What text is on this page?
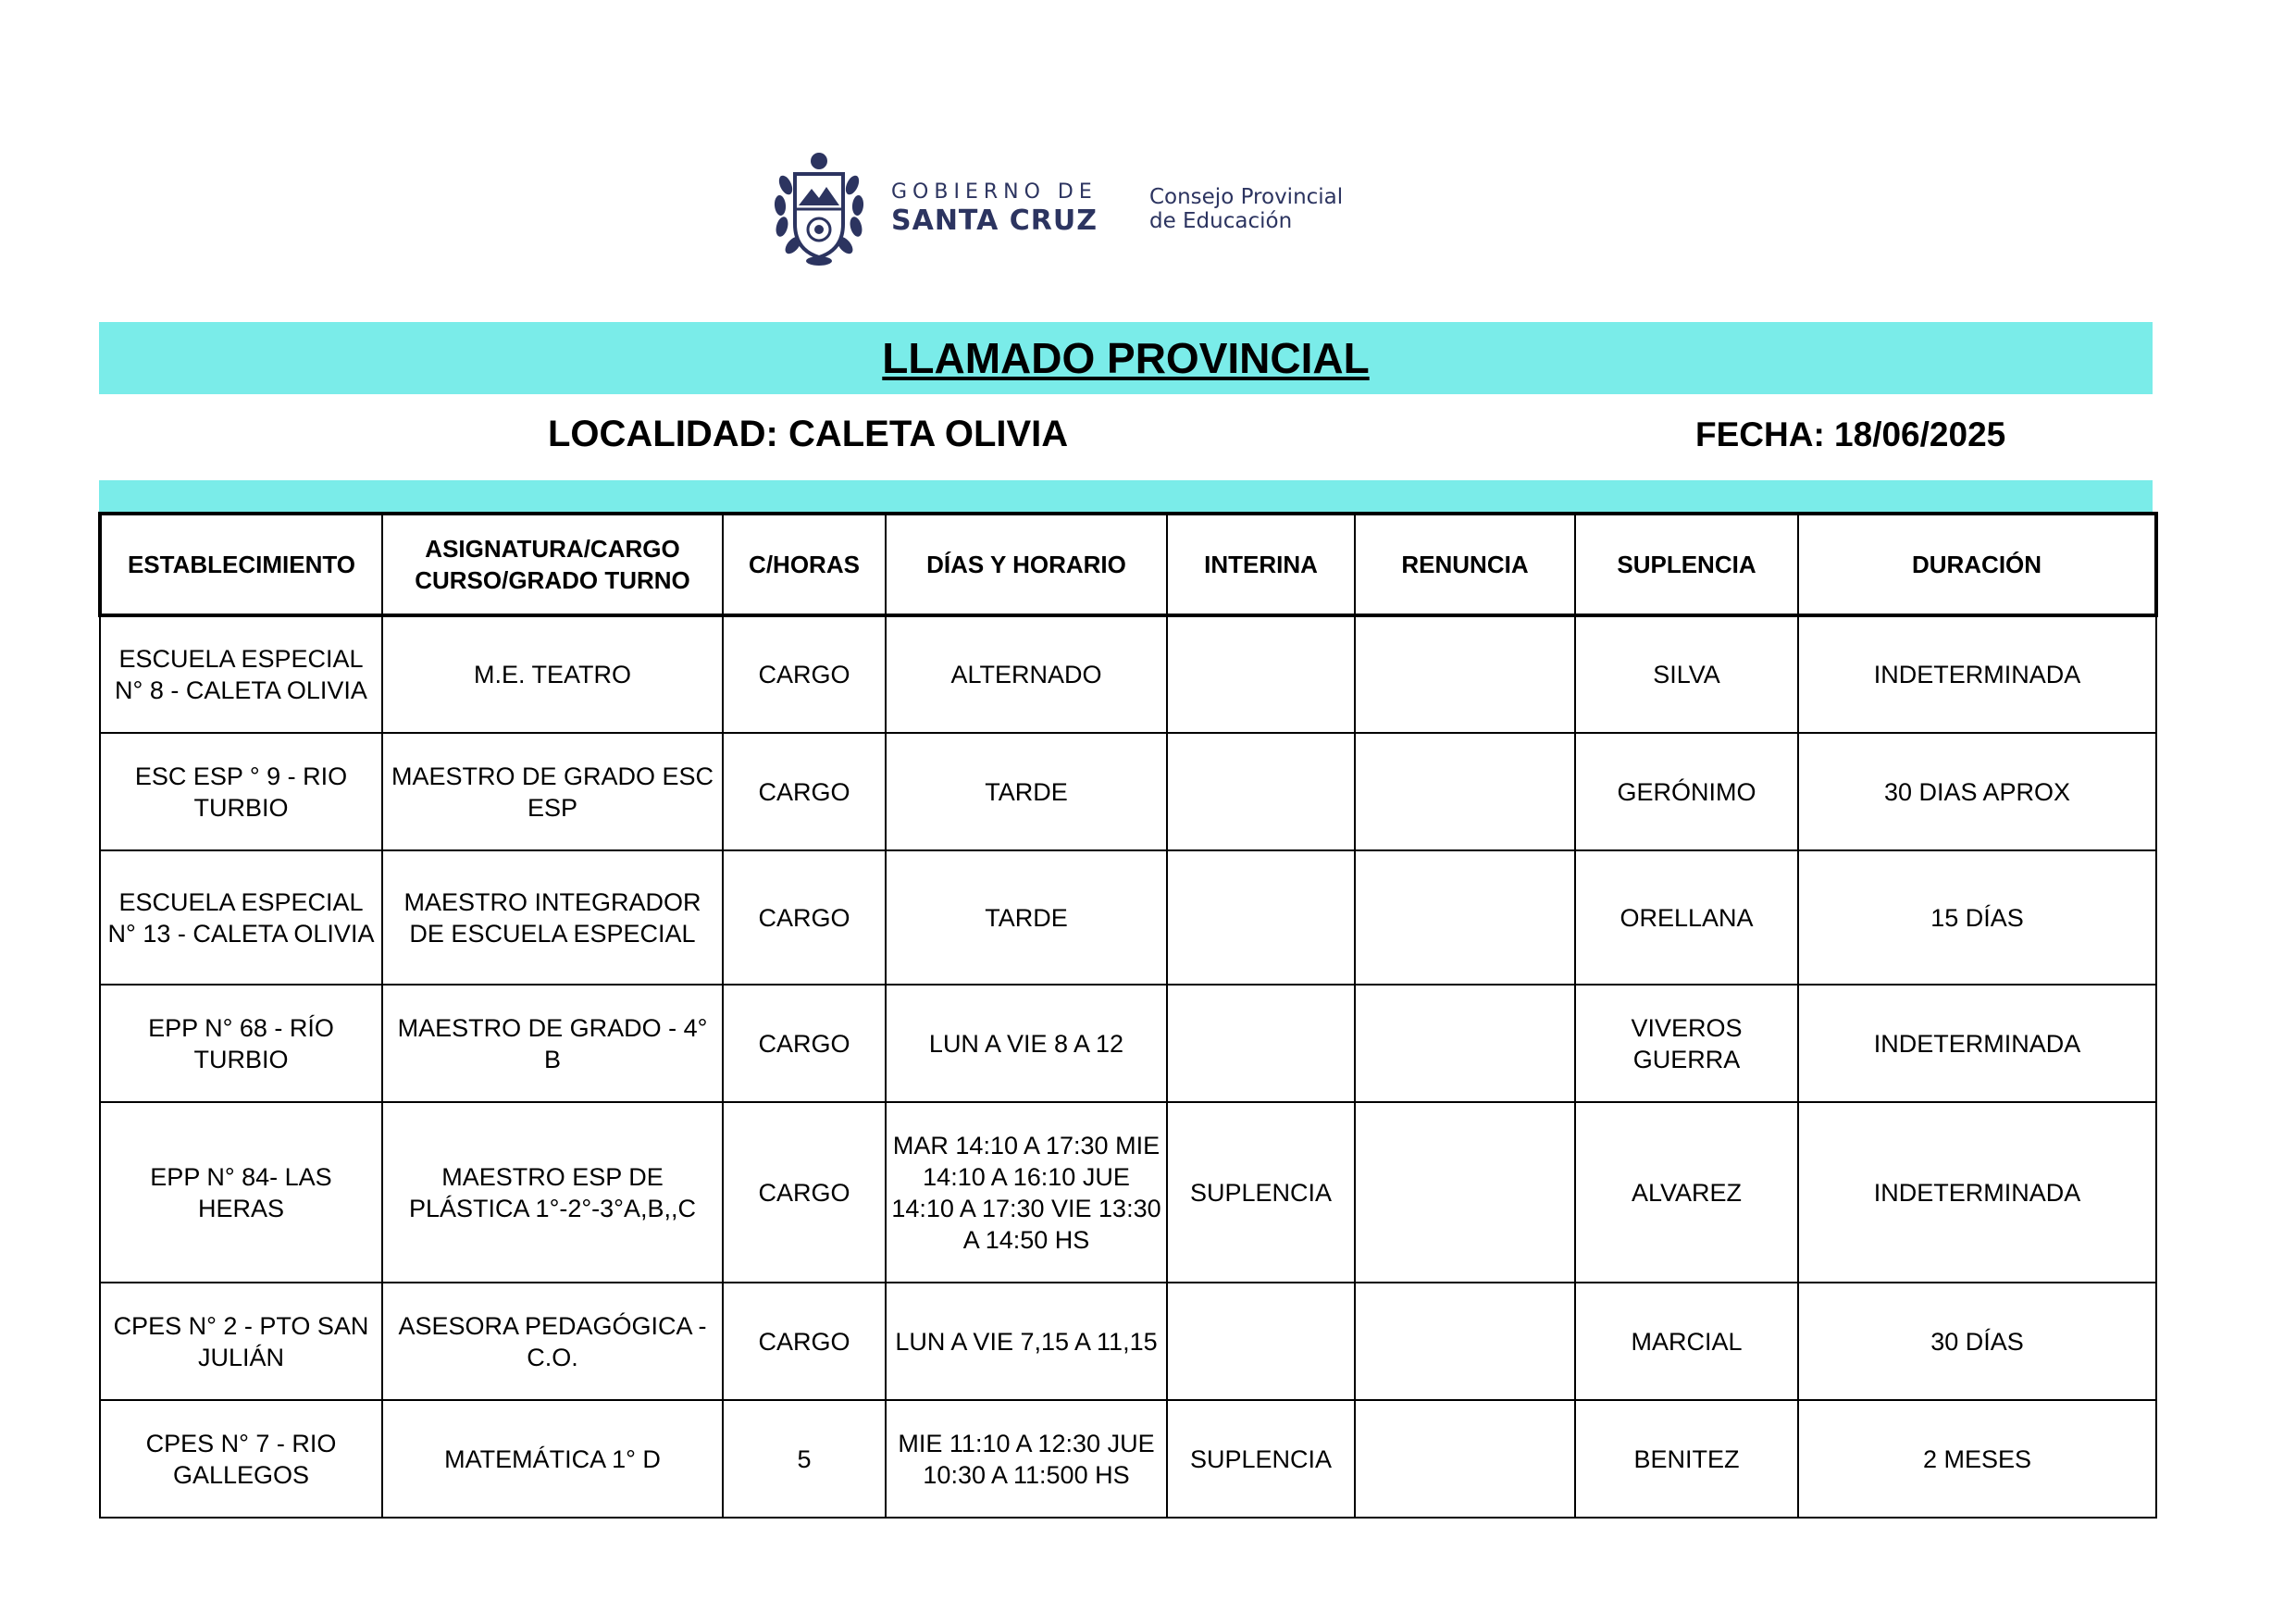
GOBIERNO DE
SANTA CRUZ
Consejo Provincial
de Educación
LLAMADO PROVINCIAL
LOCALIDAD: CALETA OLIVIA	FECHA: 18/06/2025
ESTABLECIMIENTO	ASIGNATURA/CARGO CURSO/GRADO TURNO	C/HORAS	DÍAS Y HORARIO	INTERINA	RENUNCIA	SUPLENCIA	DURACIÓN
ESCUELA ESPECIAL N° 8 - CALETA OLIVIA	M.E. TEATRO	CARGO	ALTERNADO			SILVA	INDETERMINADA
ESC ESP ° 9 - RIO TURBIO	MAESTRO DE GRADO ESC ESP	CARGO	TARDE			GERÓNIMO	30 DIAS APROX
ESCUELA ESPECIAL N° 13 - CALETA OLIVIA	MAESTRO INTEGRADOR DE ESCUELA ESPECIAL	CARGO	TARDE			ORELLANA	15 DÍAS
EPP N° 68 - RÍO TURBIO	MAESTRO DE GRADO - 4° B	CARGO	LUN A VIE 8 A 12			VIVEROS GUERRA	INDETERMINADA
EPP N° 84- LAS HERAS	MAESTRO ESP DE PLÁSTICA 1°-2°-3°A,B,,C	CARGO	MAR 14:10 A 17:30 MIE 14:10 A 16:10 JUE 14:10 A 17:30 VIE 13:30 A 14:50 HS	SUPLENCIA		ALVAREZ	INDETERMINADA
CPES N° 2 - PTO SAN JULIÁN	ASESORA PEDAGÓGICA - C.O.	CARGO	LUN A VIE 7,15 A 11,15			MARCIAL	30 DÍAS
CPES N° 7 - RIO GALLEGOS	MATEMÁTICA 1° D	5	MIE 11:10 A 12:30 JUE 10:30 A 11:500 HS	SUPLENCIA		BENITEZ	2 MESES
